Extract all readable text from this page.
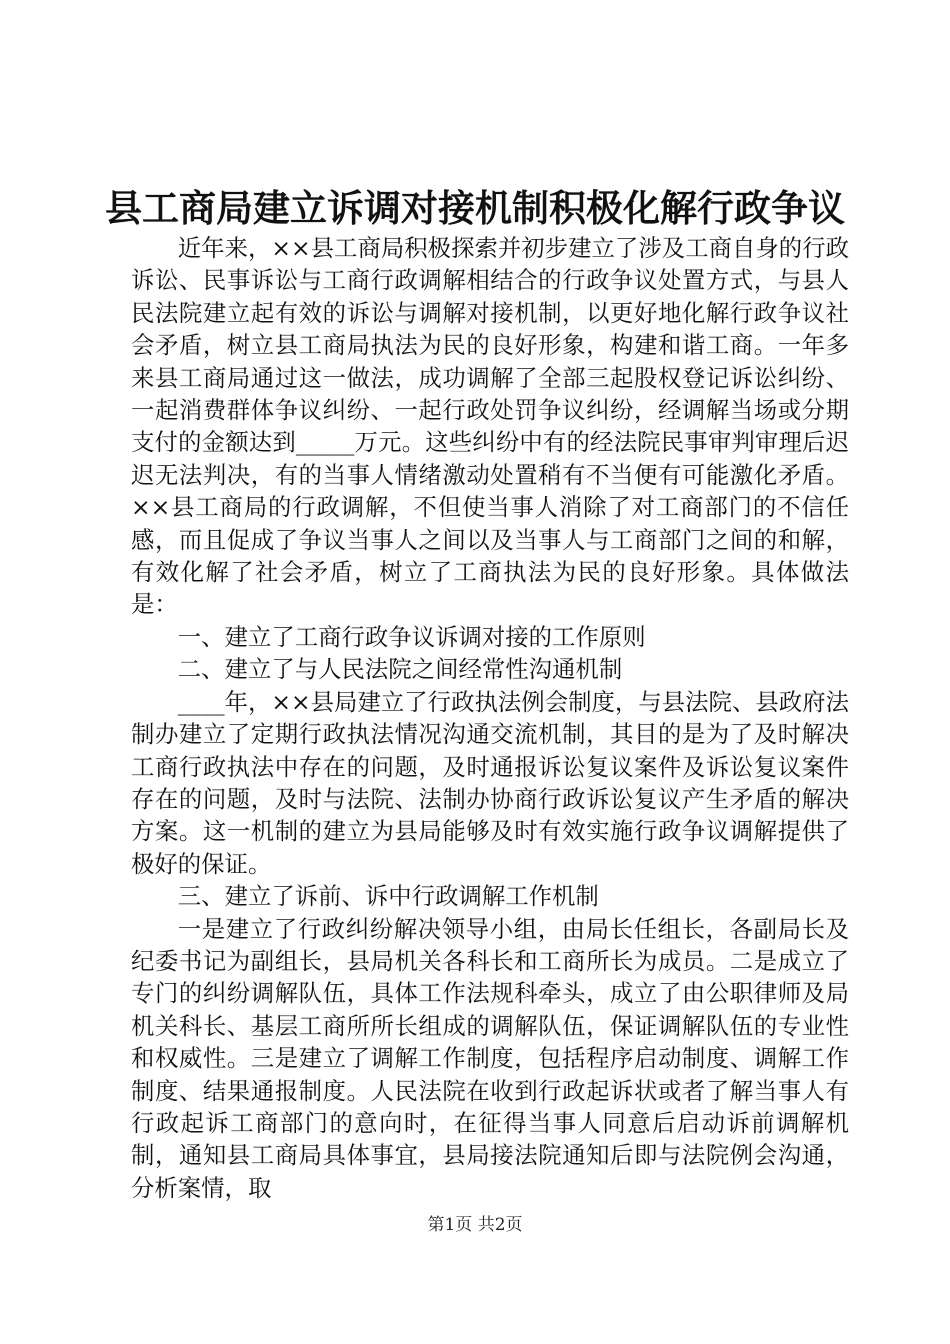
县工商局建立诉调对接机制积极化解行政争议

近年来，××县工商局积极探索并初步建立了涉及工商自身的行政诉讼、民事诉讼与工商行政调解相结合的行政争议处置方式，与县人民法院建立起有效的诉讼与调解对接机制，以更好地化解行政争议社会矛盾，树立县工商局执法为民的良好形象，构建和谐工商。一年多来县工商局通过这一做法，成功调解了全部三起股权登记诉讼纠纷、一起消费群体争议纠纷、一起行政处罚争议纠纷，经调解当场或分期支付的金额达到_____万元。这些纠纷中有的经法院民事审判审理后迟迟无法判决，有的当事人情绪激动处置稍有不当便有可能激化矛盾。××县工商局的行政调解，不但使当事人消除了对工商部门的不信任感，而且促成了争议当事人之间以及当事人与工商部门之间的和解，有效化解了社会矛盾，树立了工商执法为民的良好形象。具体做法是：

一、建立了工商行政争议诉调对接的工作原则

二、建立了与人民法院之间经常性沟通机制

____年，××县局建立了行政执法例会制度，与县法院、县政府法制办建立了定期行政执法情况沟通交流机制，其目的是为了及时解决工商行政执法中存在的问题，及时通报诉讼复议案件及诉讼复议案件存在的问题，及时与法院、法制办协商行政诉讼复议产生矛盾的解决方案。这一机制的建立为县局能够及时有效实施行政争议调解提供了极好的保证。

三、建立了诉前、诉中行政调解工作机制

一是建立了行政纠纷解决领导小组，由局长任组长，各副局长及纪委书记为副组长，县局机关各科长和工商所长为成员。二是成立了专门的纠纷调解队伍，具体工作法规科牵头，成立了由公职律师及局机关科长、基层工商所所长组成的调解队伍，保证调解队伍的专业性和权威性。三是建立了调解工作制度，包括程序启动制度、调解工作制度、结果通报制度。人民法院在收到行政起诉状或者了解当事人有行政起诉工商部门的意向时，在征得当事人同意后启动诉前调解机制，通知县工商局具体事宜，县局接法院通知后即与法院例会沟通，分析案情，取

第1页 共2页
